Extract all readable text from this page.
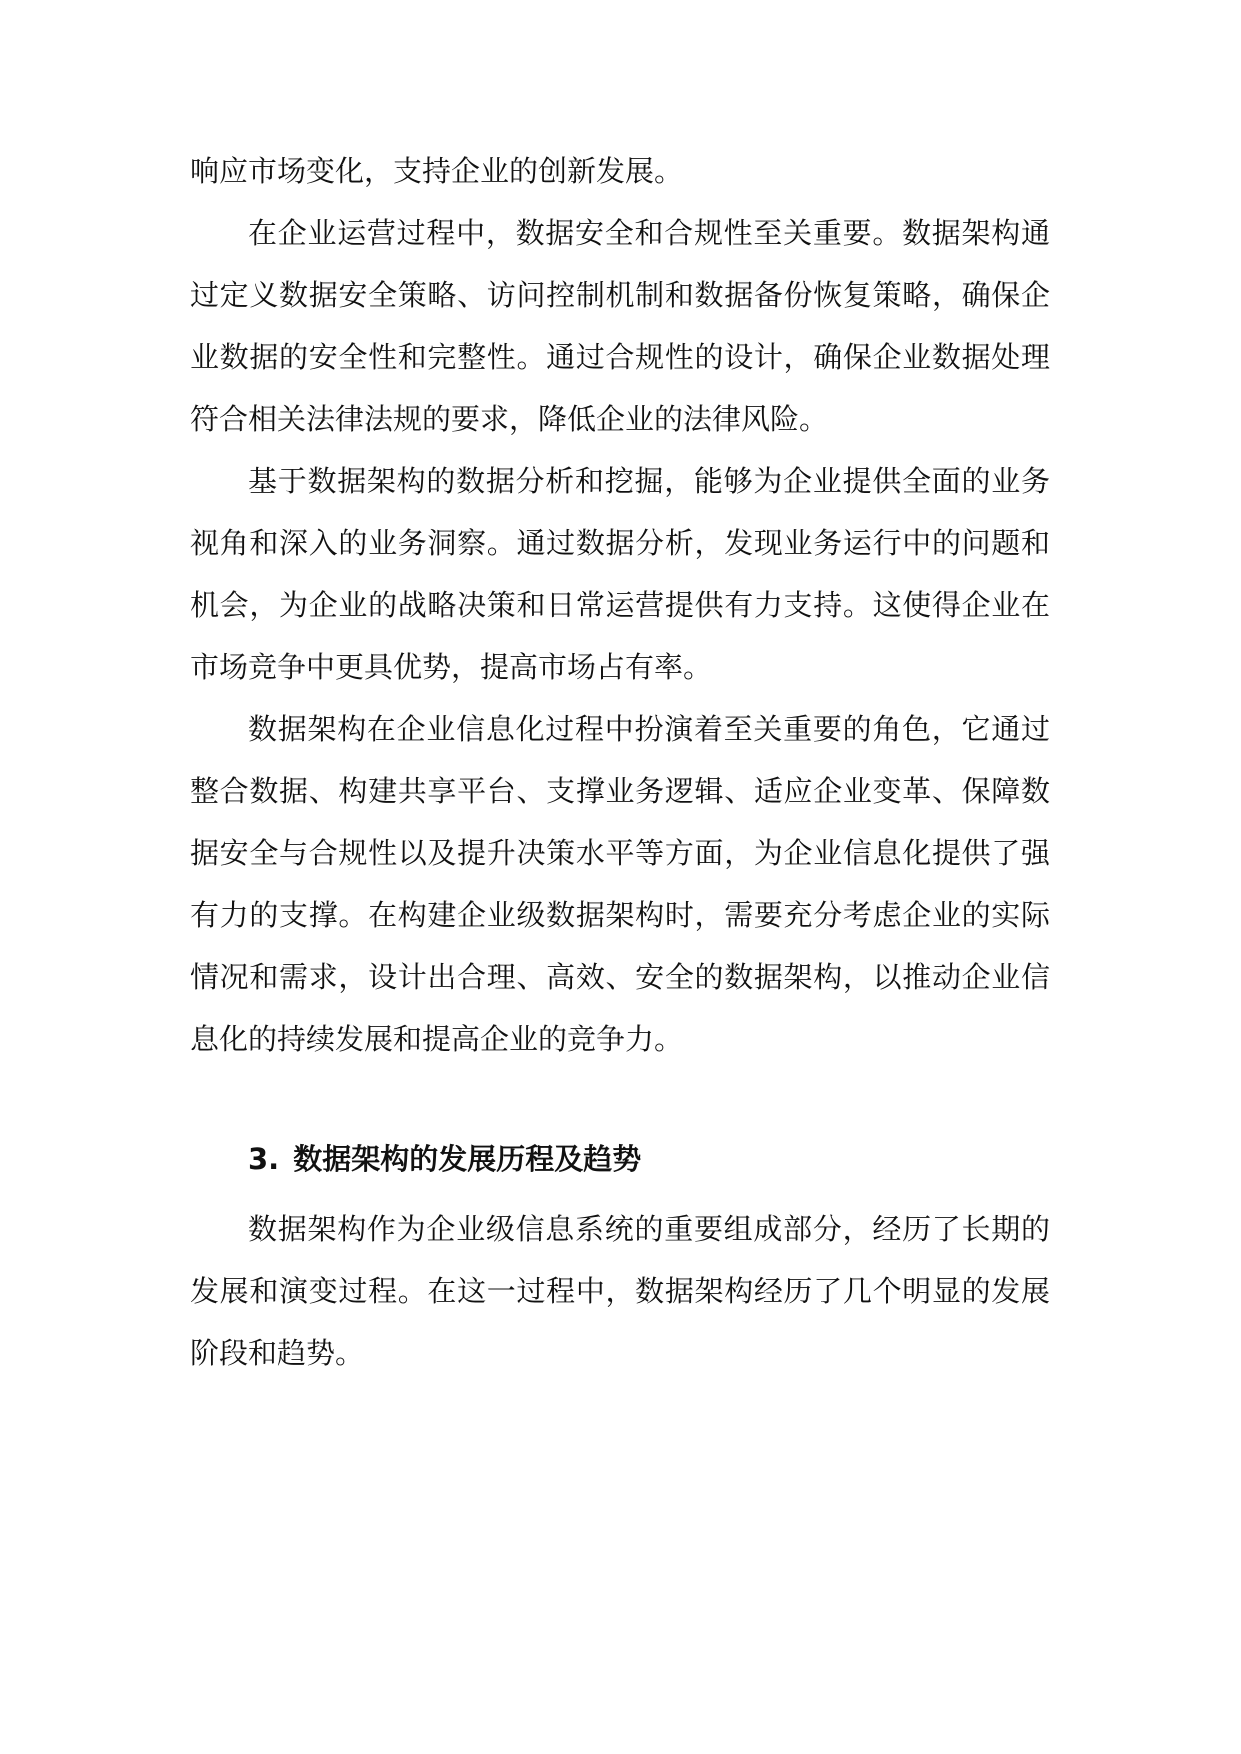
响应市场变化，支持企业的创新发展。

在企业运营过程中，数据安全和合规性至关重要。数据架构通过定义数据安全策略、访问控制机制和数据备份恢复策略，确保企业数据的安全性和完整性。通过合规性的设计，确保企业数据处理符合相关法律法规的要求，降低企业的法律风险。

基于数据架构的数据分析和挖掘，能够为企业提供全面的业务视角和深入的业务洞察。通过数据分析，发现业务运行中的问题和机会，为企业的战略决策和日常运营提供有力支持。这使得企业在市场竞争中更具优势，提高市场占有率。

数据架构在企业信息化过程中扮演着至关重要的角色，它通过整合数据、构建共享平台、支撑业务逻辑、适应企业变革、保障数据安全与合规性以及提升决策水平等方面，为企业信息化提供了强有力的支撑。在构建企业级数据架构时，需要充分考虑企业的实际情况和需求，设计出合理、高效、安全的数据架构，以推动企业信息化的持续发展和提高企业的竞争力。

3. 数据架构的发展历程及趋势

数据架构作为企业级信息系统的重要组成部分，经历了长期的发展和演变过程。在这一过程中，数据架构经历了几个明显的发展阶段和趋势。
